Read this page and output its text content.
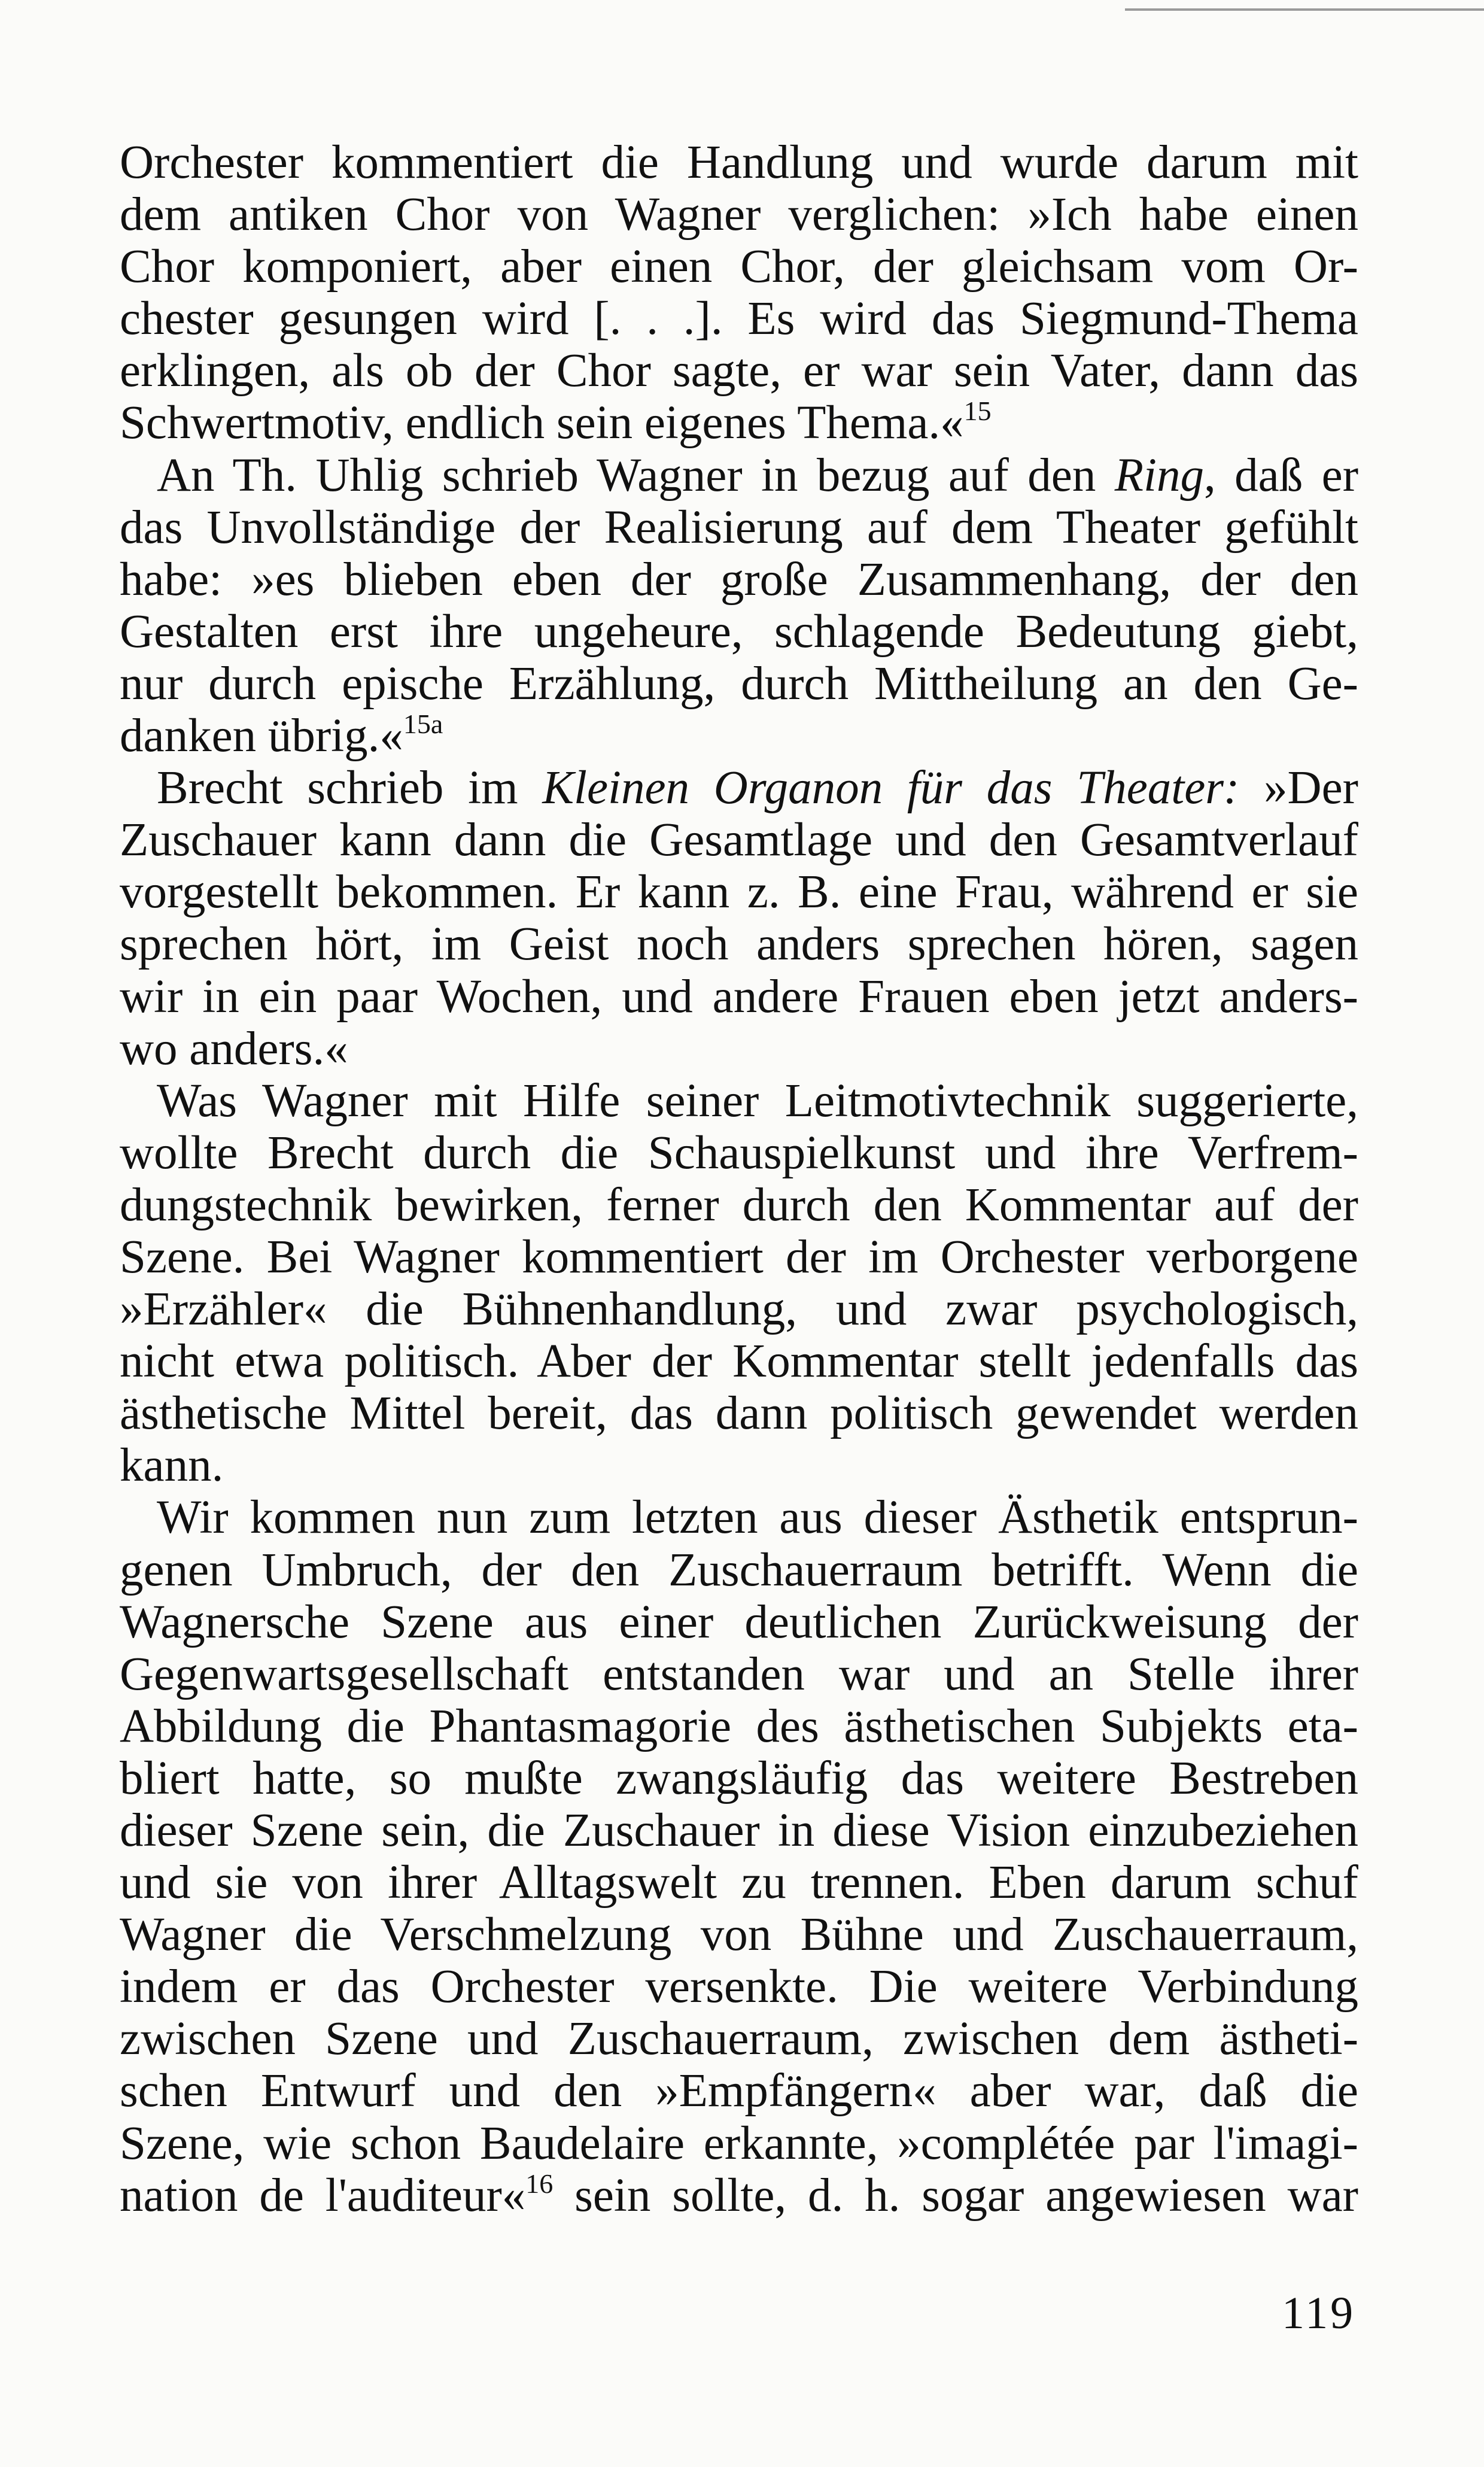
Orchester kommentiert die Handlung und wurde darum mit
dem antiken Chor von Wagner verglichen: »Ich habe einen
Chor komponiert, aber einen Chor, der gleichsam vom Or-
chester gesungen wird [. . .]. Es wird das Siegmund-Thema
erklingen, als ob der Chor sagte, er war sein Vater, dann das
Schwertmotiv, endlich sein eigenes Thema.«$^{15}$
An Th. Uhlig schrieb Wagner in bezug auf den Ring, daß er
das Unvollständige der Realisierung auf dem Theater gefühlt
habe: »es blieben eben der große Zusammenhang, der den
Gestalten erst ihre ungeheure, schlagende Bedeutung giebt,
nur durch epische Erzählung, durch Mittheilung an den Ge-
danken übrig.«$^{15a}$
Brecht schrieb im Kleinen Organon für das Theater: »Der
Zuschauer kann dann die Gesamtlage und den Gesamtverlauf
vorgestellt bekommen. Er kann z. B. eine Frau, während er sie
sprechen hört, im Geist noch anders sprechen hören, sagen
wir in ein paar Wochen, und andere Frauen eben jetzt anders-
wo anders.«
Was Wagner mit Hilfe seiner Leitmotivtechnik suggerierte,
wollte Brecht durch die Schauspielkunst und ihre Verfrem-
dungstechnik bewirken, ferner durch den Kommentar auf der
Szene. Bei Wagner kommentiert der im Orchester verborgene
»Erzähler« die Bühnenhandlung, und zwar psychologisch,
nicht etwa politisch. Aber der Kommentar stellt jedenfalls das
ästhetische Mittel bereit, das dann politisch gewendet werden
kann.
Wir kommen nun zum letzten aus dieser Ästhetik entsprun-
genen Umbruch, der den Zuschauerraum betrifft. Wenn die
Wagnersche Szene aus einer deutlichen Zurückweisung der
Gegenwartsgesellschaft entstanden war und an Stelle ihrer
Abbildung die Phantasmagorie des ästhetischen Subjekts eta-
bliert hatte, so mußte zwangsläufig das weitere Bestreben
dieser Szene sein, die Zuschauer in diese Vision einzubeziehen
und sie von ihrer Alltagswelt zu trennen. Eben darum schuf
Wagner die Verschmelzung von Bühne und Zuschauerraum,
indem er das Orchester versenkte. Die weitere Verbindung
zwischen Szene und Zuschauerraum, zwischen dem ästheti-
schen Entwurf und den »Empfängern« aber war, daß die
Szene, wie schon Baudelaire erkannte, »complétée par l'imagi-
nation de l'auditeur«$^{16}$ sein sollte, d. h. sogar angewiesen war
119
